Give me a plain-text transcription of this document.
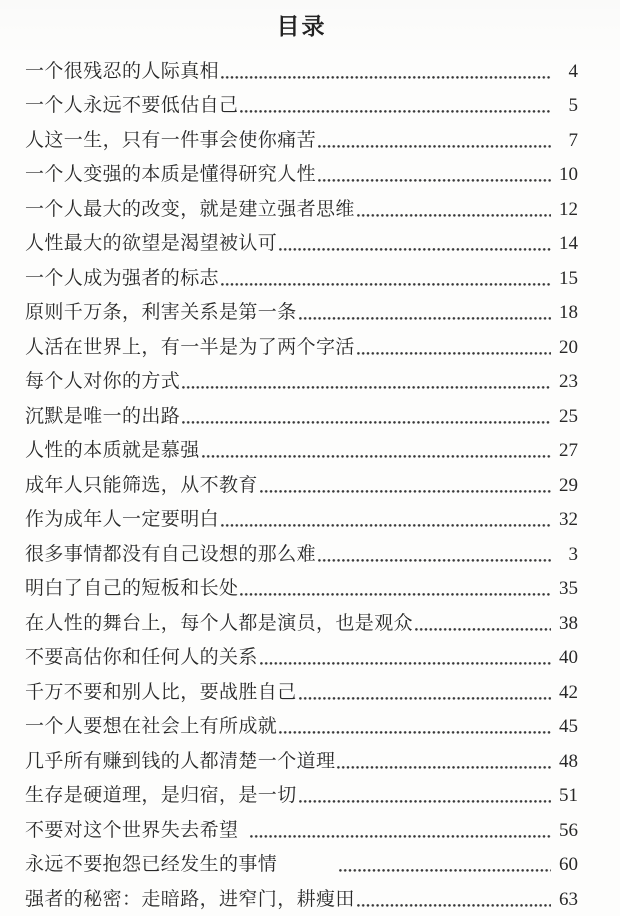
目录
一个很残忍的人际真相	4
一个人永远不要低估自己	5
人这一生，只有一件事会使你痛苦	7
一个人变强的本质是懂得研究人性	10
一个人最大的改变，就是建立强者思维	12
人性最大的欲望是渴望被认可	14
一个人成为强者的标志	15
原则千万条，利害关系是第一条	18
人活在世界上，有一半是为了两个字活	20
每个人对你的方式	23
沉默是唯一的出路	25
人性的本质就是慕强	27
成年人只能筛选，从不教育	29
作为成年人一定要明白	32
很多事情都没有自己设想的那么难	3
明白了自己的短板和长处	35
在人性的舞台上，每个人都是演员，也是观众	38
不要高估你和任何人的关系	40
千万不要和别人比，要战胜自己	42
一个人要想在社会上有所成就	45
几乎所有赚到钱的人都清楚一个道理	48
生存是硬道理，是归宿，是一切	51
不要对这个世界失去希望	56
永远不要抱怨已经发生的事情	60
强者的秘密：走暗路，进窄门，耕瘦田	63
